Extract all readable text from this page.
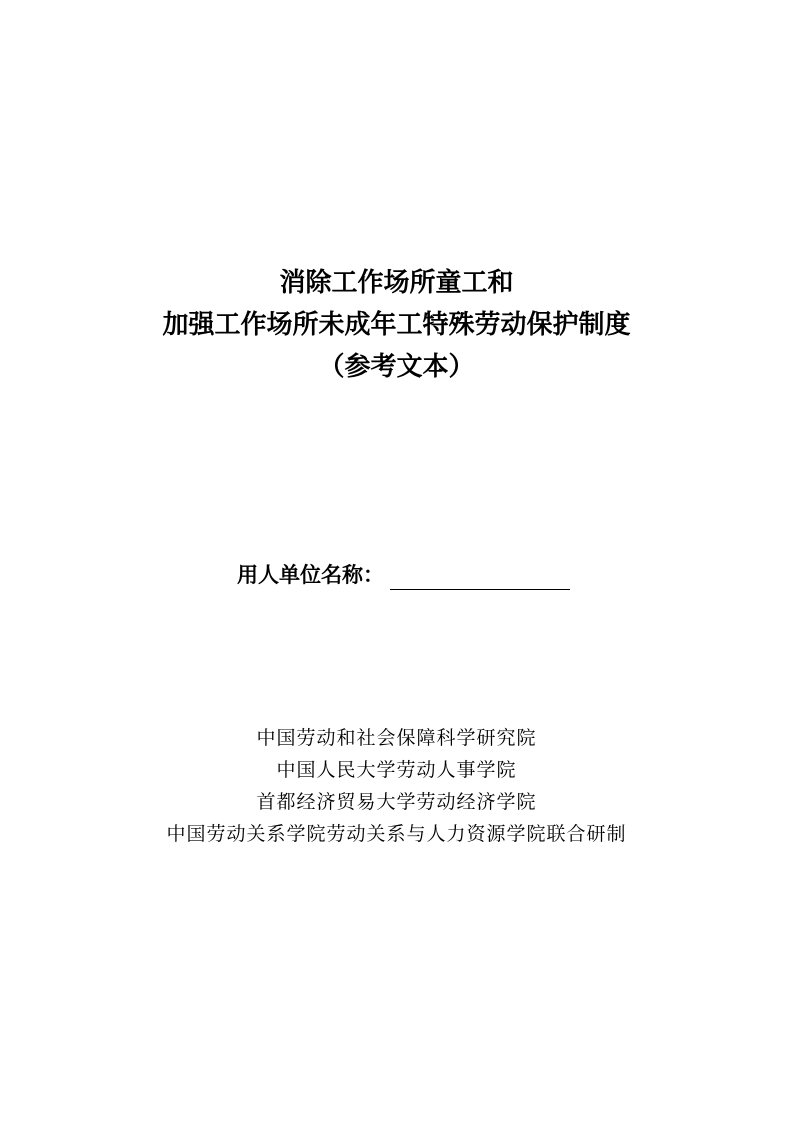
消除工作场所童工和
加强工作场所未成年工特殊劳动保护制度
（参考文本）
用人单位名称：
中国劳动和社会保障科学研究院
中国人民大学劳动人事学院
首都经济贸易大学劳动经济学院
中国劳动关系学院劳动关系与人力资源学院联合研制
